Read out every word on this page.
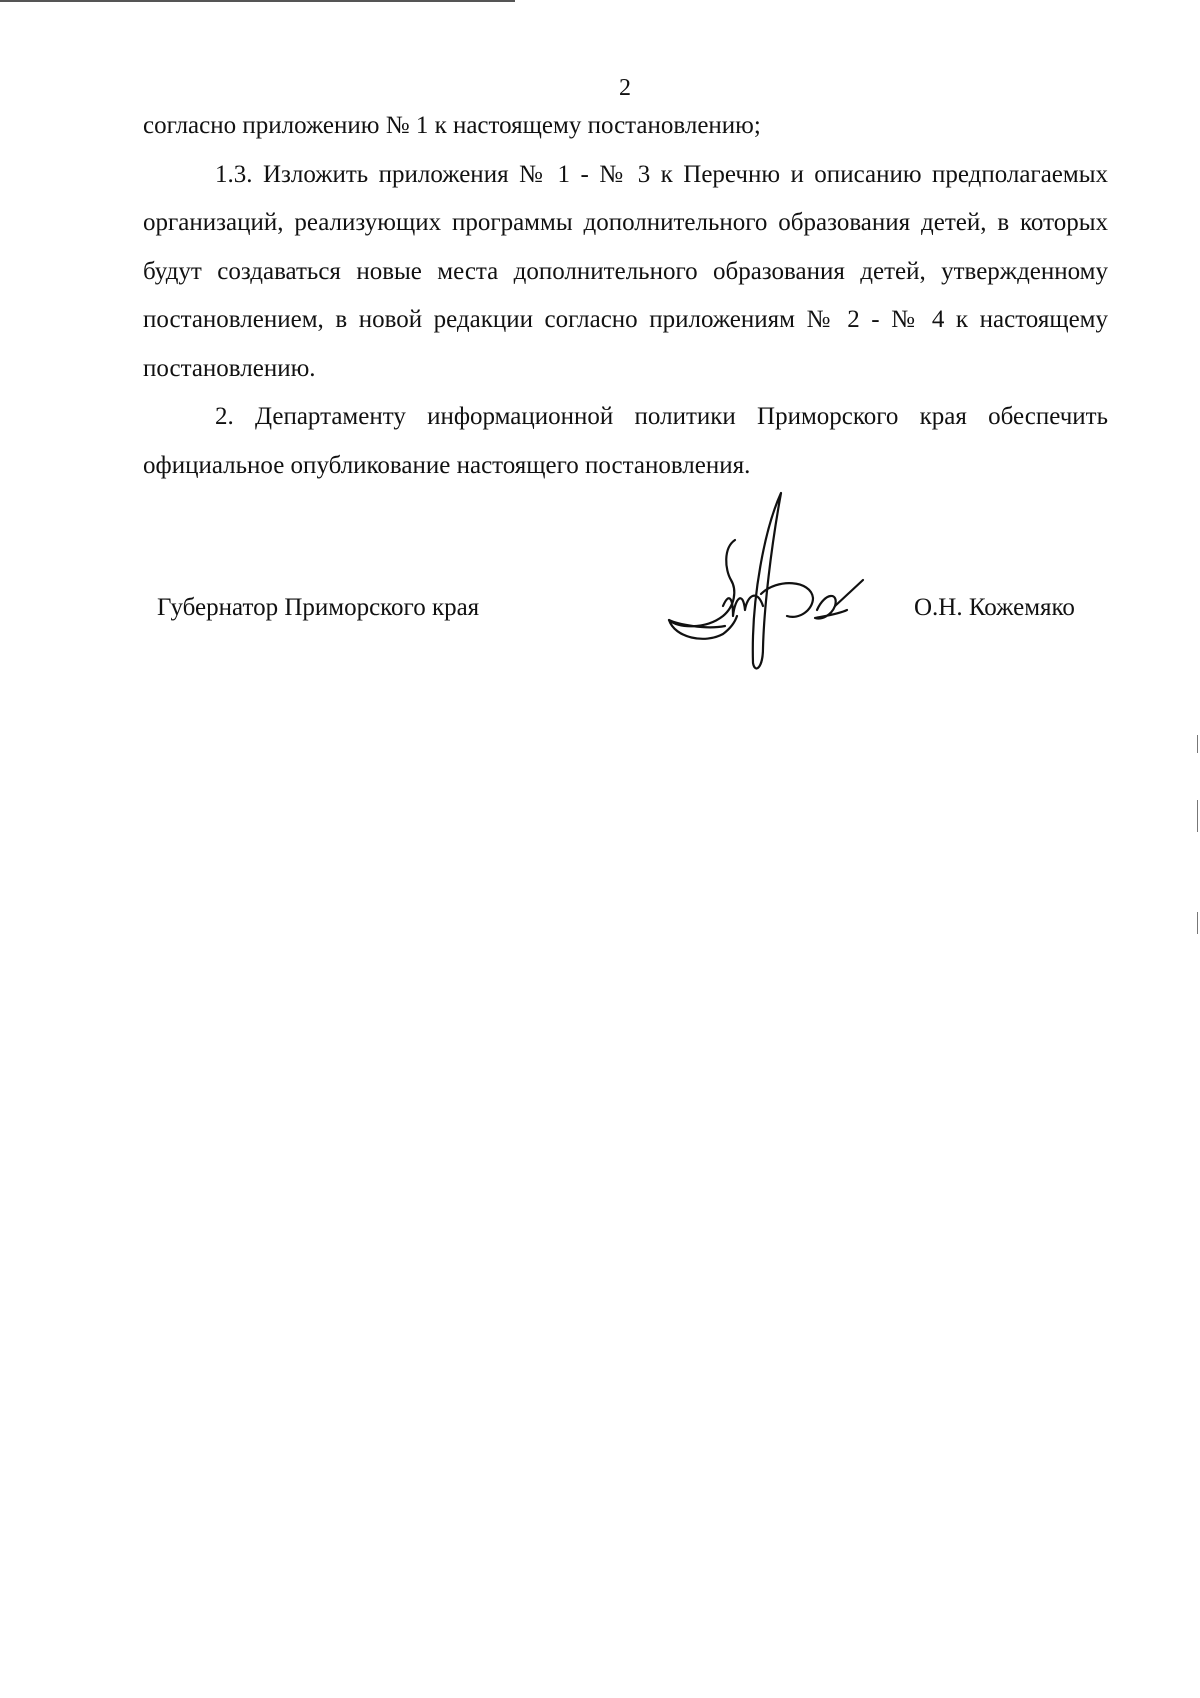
2

согласно приложению № 1 к настоящему постановлению;

1.3. Изложить приложения № 1 - № 3 к Перечню и описанию предполагаемых организаций, реализующих программы дополнительного образования детей, в которых будут создаваться новые места дополнительного образования детей, утвержденному постановлением, в новой редакции согласно приложениям № 2 - № 4 к настоящему постановлению.

2. Департаменту информационной политики Приморского края обеспечить официальное опубликование настоящего постановления.

Губернатор Приморского края	О.Н. Кожемяко
